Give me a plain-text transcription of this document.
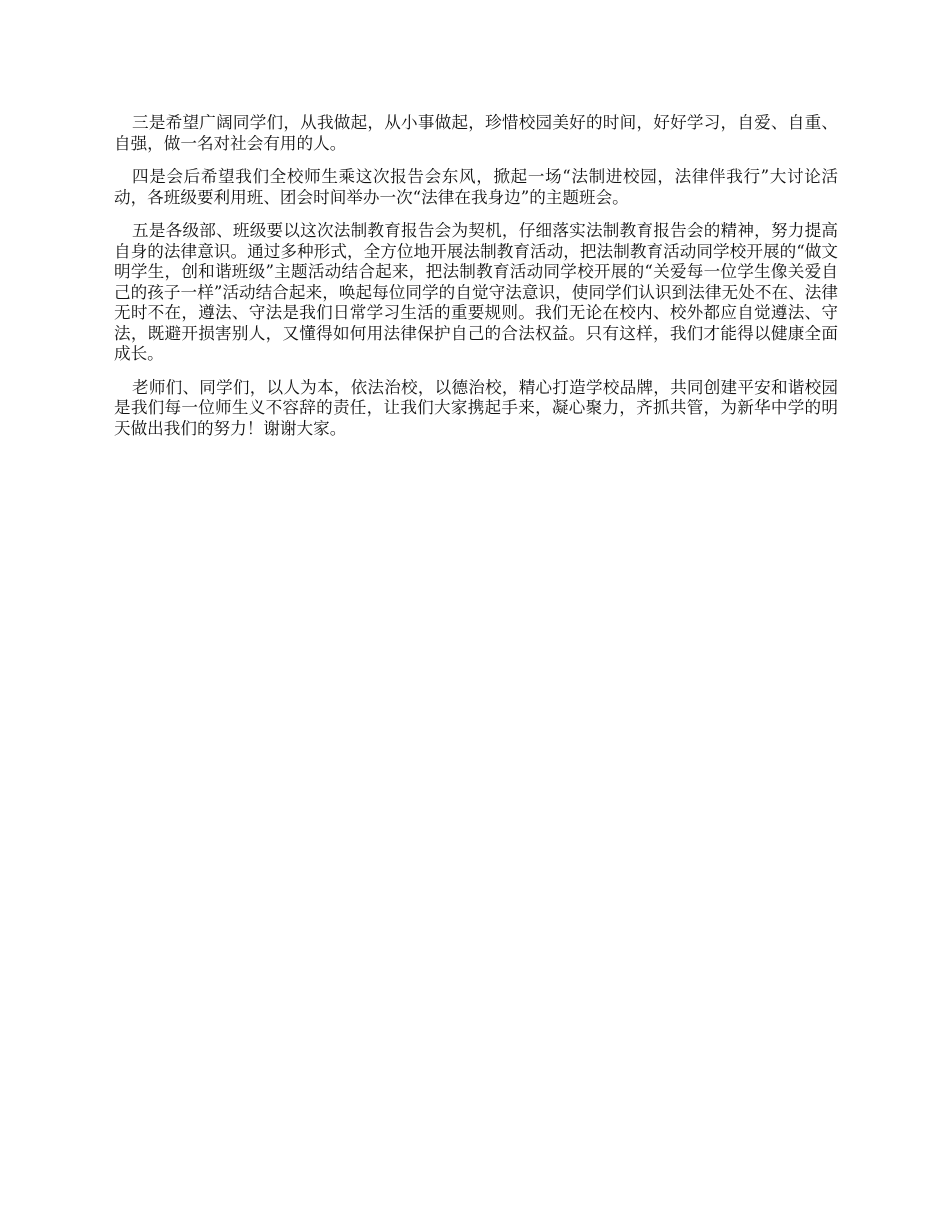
三是希望广阔同学们，从我做起，从小事做起，珍惜校园美好的时间，好好学习，自爱、自重、自强，做一名对社会有用的人。

四是会后希望我们全校师生乘这次报告会东风，掀起一场“法制进校园，法律伴我行”大讨论活动，各班级要利用班、团会时间举办一次“法律在我身边”的主题班会。

五是各级部、班级要以这次法制教育报告会为契机，仔细落实法制教育报告会的精神，努力提高自身的法律意识。通过多种形式，全方位地开展法制教育活动，把法制教育活动同学校开展的“做文明学生，创和谐班级”主题活动结合起来，把法制教育活动同学校开展的“关爱每一位学生像关爱自己的孩子一样”活动结合起来，唤起每位同学的自觉守法意识，使同学们认识到法律无处不在、法律无时不在，遵法、守法是我们日常学习生活的重要规则。我们无论在校内、校外都应自觉遵法、守法，既避开损害别人，又懂得如何用法律保护自己的合法权益。只有这样，我们才能得以健康全面成长。

老师们、同学们，以人为本，依法治校，以德治校，精心打造学校品牌，共同创建平安和谐校园是我们每一位师生义不容辞的责任，让我们大家携起手来，凝心聚力，齐抓共管，为新华中学的明天做出我们的努力！谢谢大家。
